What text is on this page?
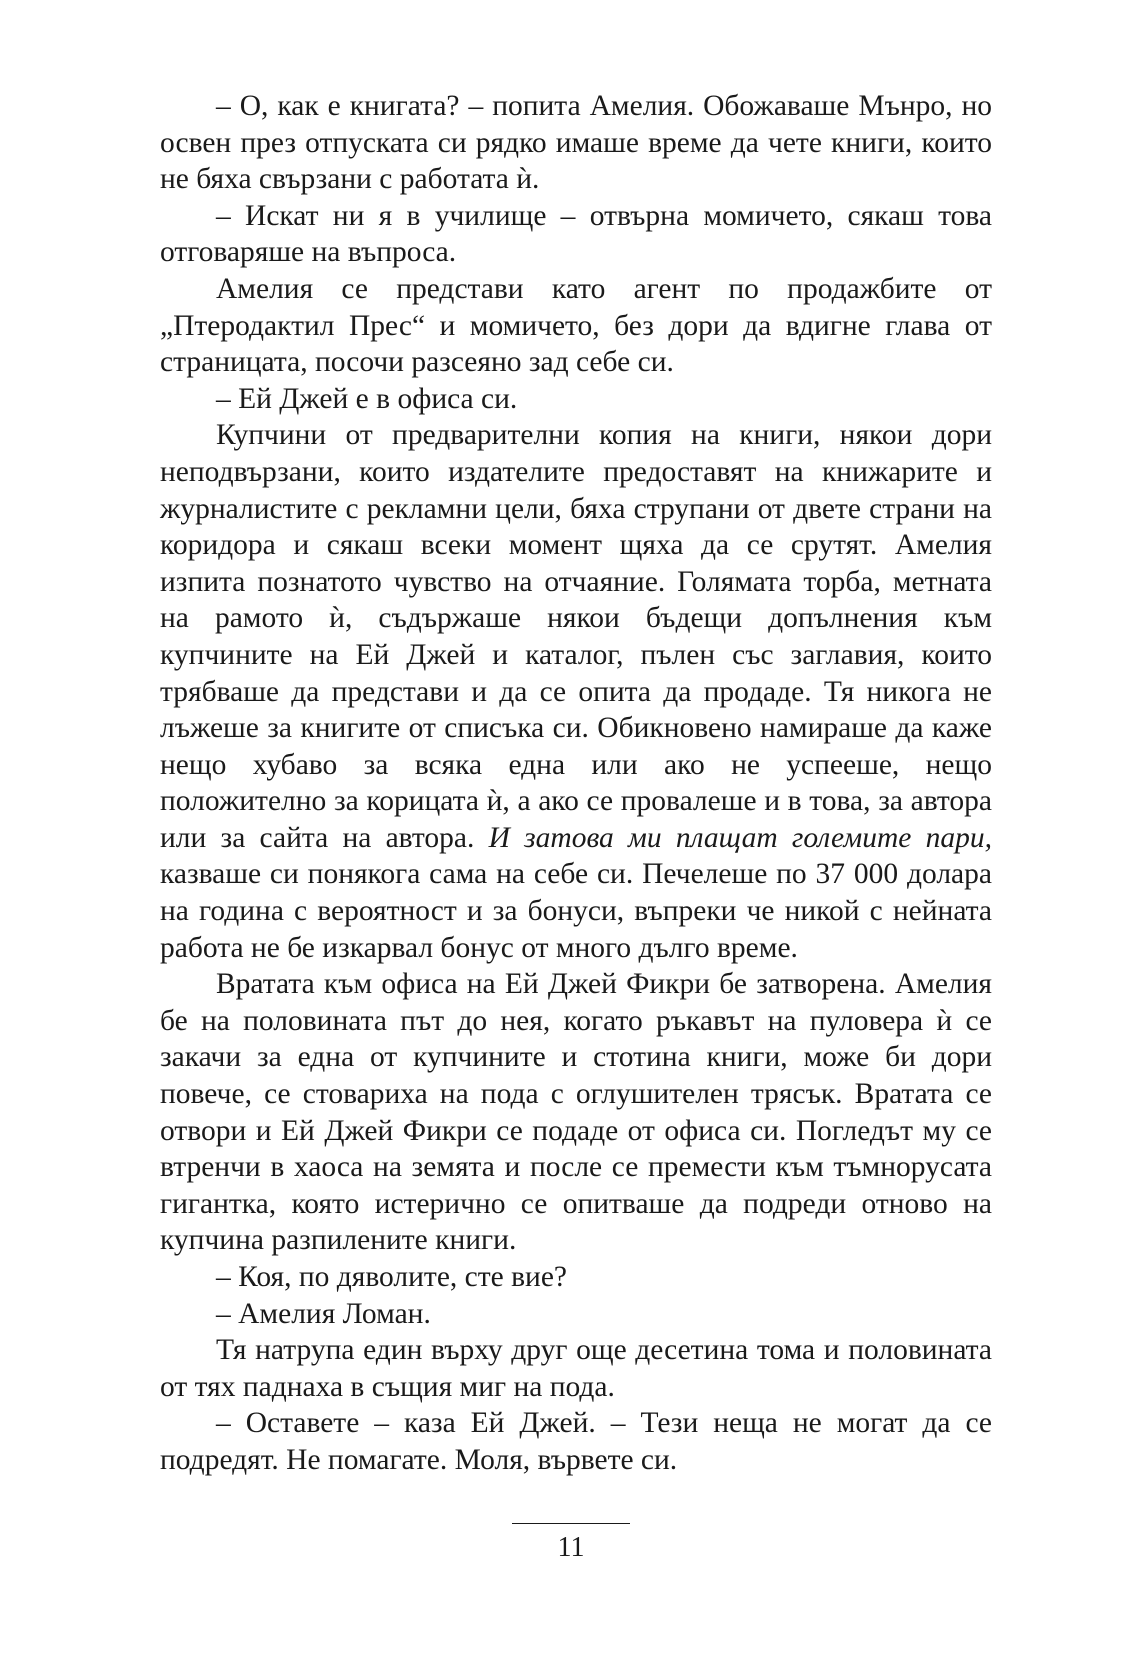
– О, как е книгата? – попита Амелия. Обожаваше Мънро, но освен през отпуската си рядко имаше време да чете книги, които не бяха свързани с работата ѝ.

– Искат ни я в училище – отвърна момичето, сякаш това отговаряше на въпроса.

Амелия се представи като агент по продажбите от „Птеродактил Прес“ и момичето, без дори да вдигне глава от страницата, посочи разсеяно зад себе си.

– Ей Джей е в офиса си.

Купчини от предварителни копия на книги, някои дори неподвързани, които издателите предоставят на книжарите и журналистите с рекламни цели, бяха струпани от двете страни на коридора и сякаш всеки момент щяха да се срутят. Амелия изпита познатото чувство на отчаяние. Голямата торба, метната на рамото ѝ, съдържаше някои бъдещи допълнения към купчините на Ей Джей и каталог, пълен със заглавия, които трябваше да представи и да се опита да продаде. Тя никога не лъжеше за книгите от списъка си. Обикновено намираше да каже нещо хубаво за всяка една или ако не успееше, нещо положително за корицата ѝ, а ако се провалеше и в това, за автора или за сайта на автора. И затова ми плащат големите пари, казваше си понякога сама на себе си. Печелеше по 37 000 долара на година с вероятност и за бонуси, въпреки че никой с нейната работа не бе изкарвал бонус от много дълго време.

Вратата към офиса на Ей Джей Фикри бе затворена. Амелия бе на половината път до нея, когато ръкавът на пуловера ѝ се закачи за една от купчините и стотина книги, може би дори повече, се стовариха на пода с оглушителен трясък. Вратата се отвори и Ей Джей Фикри се подаде от офиса си. Погледът му се втренчи в хаоса на земята и после се премести към тъмнорусата гигантка, която истерично се опитваше да подреди отново на купчина разпилените книги.

– Коя, по дяволите, сте вие?

– Амелия Ломан.

Тя натрупа един върху друг още десетина тома и половината от тях паднаха в същия миг на пода.

– Оставете – каза Ей Джей. – Тези неща не могат да се подредят. Не помагате. Моля, вървете си.

11
